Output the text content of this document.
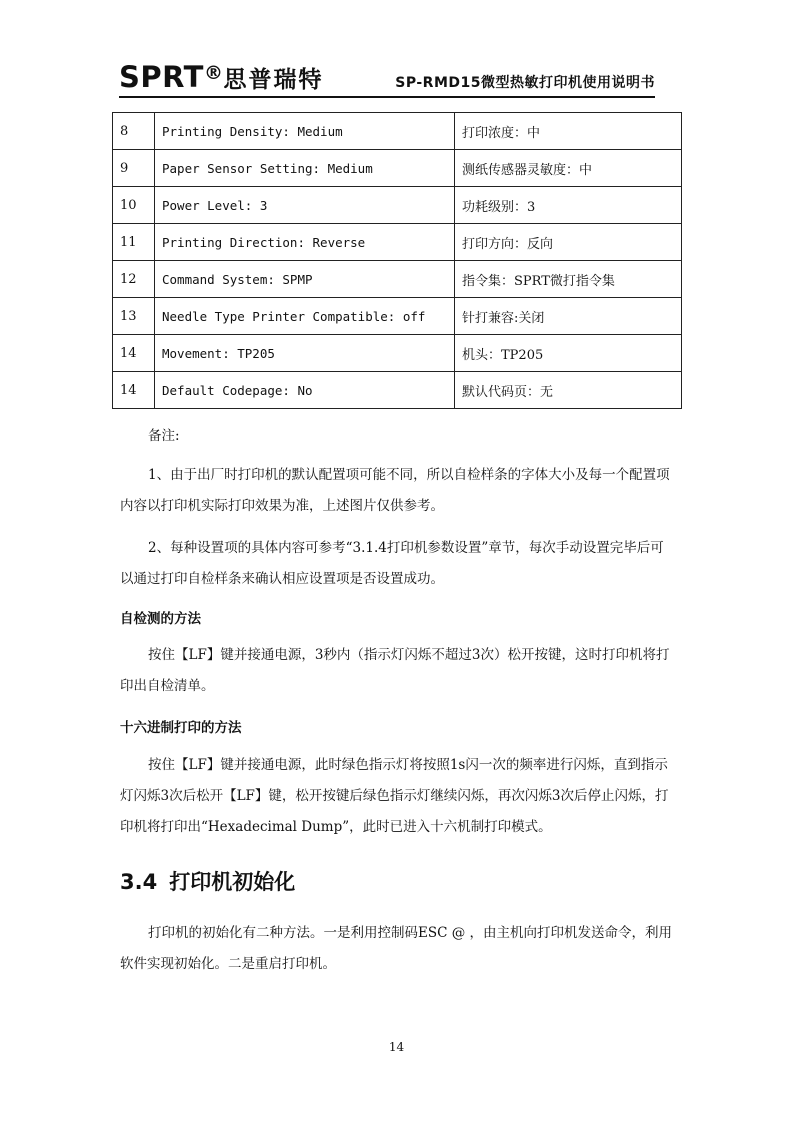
SPRT®思普瑞特	SP-RMD15微型热敏打印机使用说明书
8	Printing Density: Medium	打印浓度：中
9	Paper Sensor Setting: Medium	测纸传感器灵敏度：中
10	Power Level: 3	功耗级别：3
11	Printing Direction: Reverse	打印方向：反向
12	Command System: SPMP	指令集：SPRT微打指令集
13	Needle Type Printer Compatible: off	针打兼容:关闭
14	Movement: TP205	机头：TP205
14	Default Codepage: No	默认代码页：无

备注:

1、由于出厂时打印机的默认配置项可能不同，所以自检样条的字体大小及每一个配置项内容以打印机实际打印效果为准，上述图片仅供参考。

2、每种设置项的具体内容可参考“3.1.4打印机参数设置”章节，每次手动设置完毕后可以通过打印自检样条来确认相应设置项是否设置成功。

自检测的方法

按住【LF】键并接通电源，3秒内（指示灯闪烁不超过3次）松开按键，这时打印机将打印出自检清单。

十六进制打印的方法

按住【LF】键并接通电源，此时绿色指示灯将按照1s闪一次的频率进行闪烁，直到指示灯闪烁3次后松开【LF】键，松开按键后绿色指示灯继续闪烁，再次闪烁3次后停止闪烁，打印机将打印出“Hexadecimal Dump”，此时已进入十六机制打印模式。

3.4 打印机初始化

打印机的初始化有二种方法。一是利用控制码ESC @ ，由主机向打印机发送命令，利用软件实现初始化。二是重启打印机。

14
